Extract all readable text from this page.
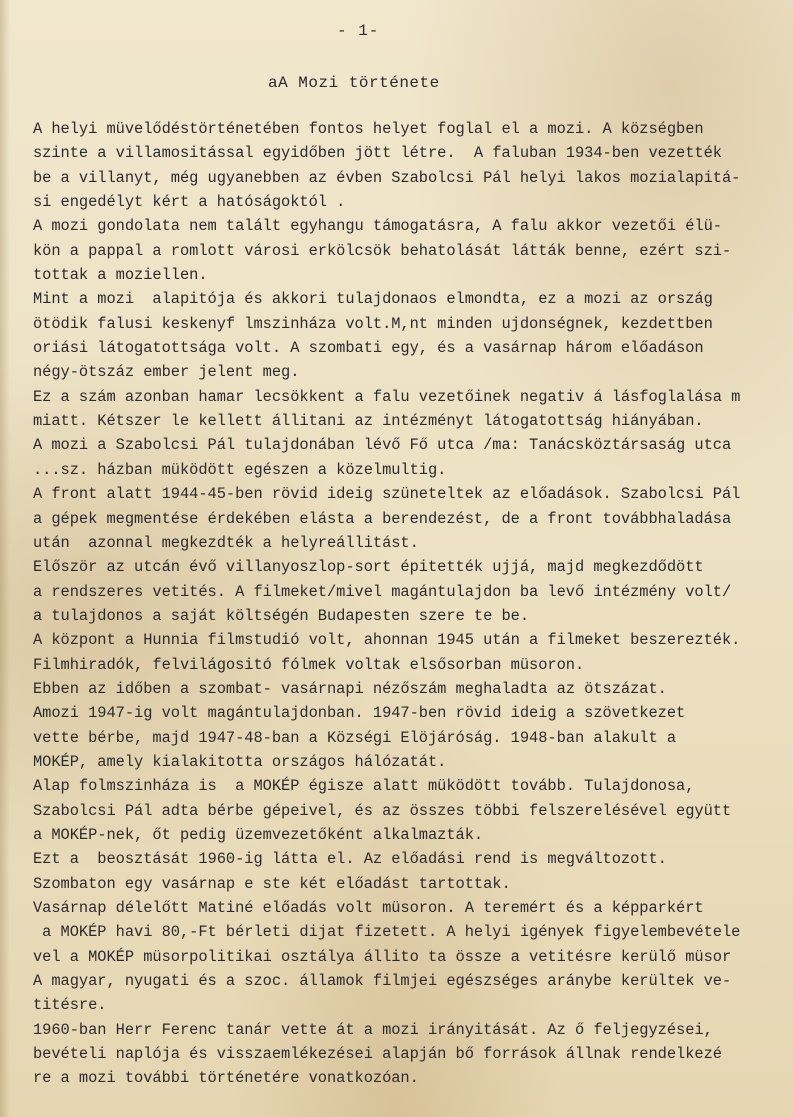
- 1-
aA Mozi története
A helyi müvelődéstörténetében fontos helyet foglal el a mozi. A községben
szinte a villamositással egyidőben jött létre.  A faluban 1934-ben vezették
be a villanyt, még ugyanebben az évben Szabolcsi Pál helyi lakos mozialapitá-
si engedélyt kért a hatóságoktól .
A mozi gondolata nem talált egyhangu támogatásra, A falu akkor vezetői élü-
kön a pappal a romlott városi erkölcsök behatolását látták benne, ezért szi-
tottak a moziellen.
Mint a mozi  alapitója és akkori tulajdonaos elmondta, ez a mozi az ország
ötödik falusi keskenyf lmszinháza volt.M,nt minden ujdonségnek, kezdettben
oriási látogatottsága volt. A szombati egy, és a vasárnap három előadáson
négy-ötszáz ember jelent meg.
Ez a szám azonban hamar lecsökkent a falu vezetőinek negativ á lásfoglalása m
miatt. Kétszer le kellett állitani az intézményt látogatottság hiányában.
A mozi a Szabolcsi Pál tulajdonában lévő Fő utca /ma: Tanácsköztársaság utca
...sz. házban müködött egészen a közelmultig.
A front alatt 1944-45-ben rövid ideig szüneteltek az előadások. Szabolcsi Pál
a gépek megmentése érdekében elásta a berendezést, de a front továbbhaladása
után  azonnal megkezdték a helyreállitást.
Először az utcán évő villanyoszlop-sort épitették ujjá, majd megkezdődött
a rendszeres vetités. A filmeket/mivel magántulajdon ba levő intézmény volt/
a tulajdonos a saját költségén Budapesten szere te be.
A központ a Hunnia filmstudió volt, ahonnan 1945 után a filmeket beszerezték.
Filmhiradók, felvilágositó fólmek voltak elsősorban müsoron.
Ebben az időben a szombat- vasárnapi nézőszám meghaladta az ötszázat.
Amozi 1947-ig volt magántulajdonban. 1947-ben rövid ideig a szövetkezet
vette bérbe, majd 1947-48-ban a Községi Elöjáróság. 1948-ban alakult a
MOKÉP, amely kialakitotta országos hálózatát.
Alap folmszinháza is  a MOKÉP égisze alatt müködött tovább. Tulajdonosa,
Szabolcsi Pál adta bérbe gépeivel, és az összes többi felszerelésével együtt
a MOKÉP-nek, őt pedig üzemvezetőként alkalmazták.
Ezt a  beosztását 1960-ig látta el. Az előadási rend is megváltozott.
Szombaton egy vasárnap e ste két előadást tartottak.
Vasárnap délelőtt Matiné előadás volt müsoron. A teremért és a képparkért
a MOKÉP havi 80,-Ft bérleti dijat fizetett. A helyi igények figyelembevétele
vel a MOKÉP müsorpolitikai osztálya állito ta össze a vetitésre kerülő müsor
A magyar, nyugati és a szoc. államok filmjei egészséges aránybe kerültek ve-
titésre.
1960-ban Herr Ferenc tanár vette át a mozi irányitását. Az ő feljegyzései,
bevételi naplója és visszaemlékezései alapján bő források állnak rendelkezé
re a mozi további történetére vonatkozóan.
